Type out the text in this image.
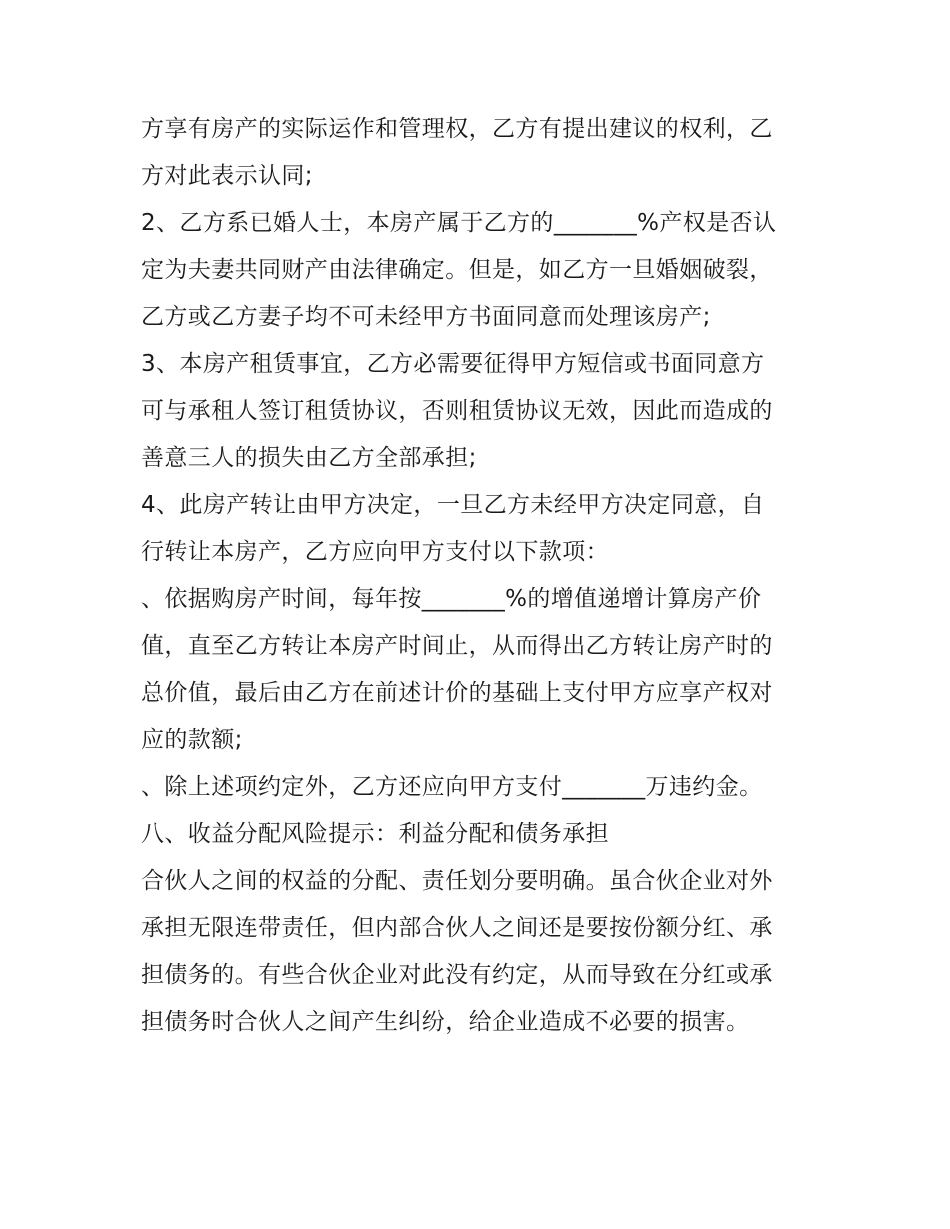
方享有房产的实际运作和管理权，乙方有提出建议的权利，乙
方对此表示认同;
2、乙方系已婚人士，本房产属于乙方的_______%产权是否认
定为夫妻共同财产由法律确定。但是，如乙方一旦婚姻破裂，
乙方或乙方妻子均不可未经甲方书面同意而处理该房产;
3、本房产租赁事宜，乙方必需要征得甲方短信或书面同意方
可与承租人签订租赁协议，否则租赁协议无效，因此而造成的
善意三人的损失由乙方全部承担;
4、此房产转让由甲方决定，一旦乙方未经甲方决定同意，自
行转让本房产，乙方应向甲方支付以下款项：
、依据购房产时间，每年按_______%的增值递增计算房产价
值，直至乙方转让本房产时间止，从而得出乙方转让房产时的
总价值，最后由乙方在前述计价的基础上支付甲方应享产权对
应的款额;
、除上述项约定外，乙方还应向甲方支付_______万违约金。
八、收益分配风险提示：利益分配和债务承担
合伙人之间的权益的分配、责任划分要明确。虽合伙企业对外
承担无限连带责任，但内部合伙人之间还是要按份额分红、承
担债务的。有些合伙企业对此没有约定，从而导致在分红或承
担债务时合伙人之间产生纠纷，给企业造成不必要的损害。
